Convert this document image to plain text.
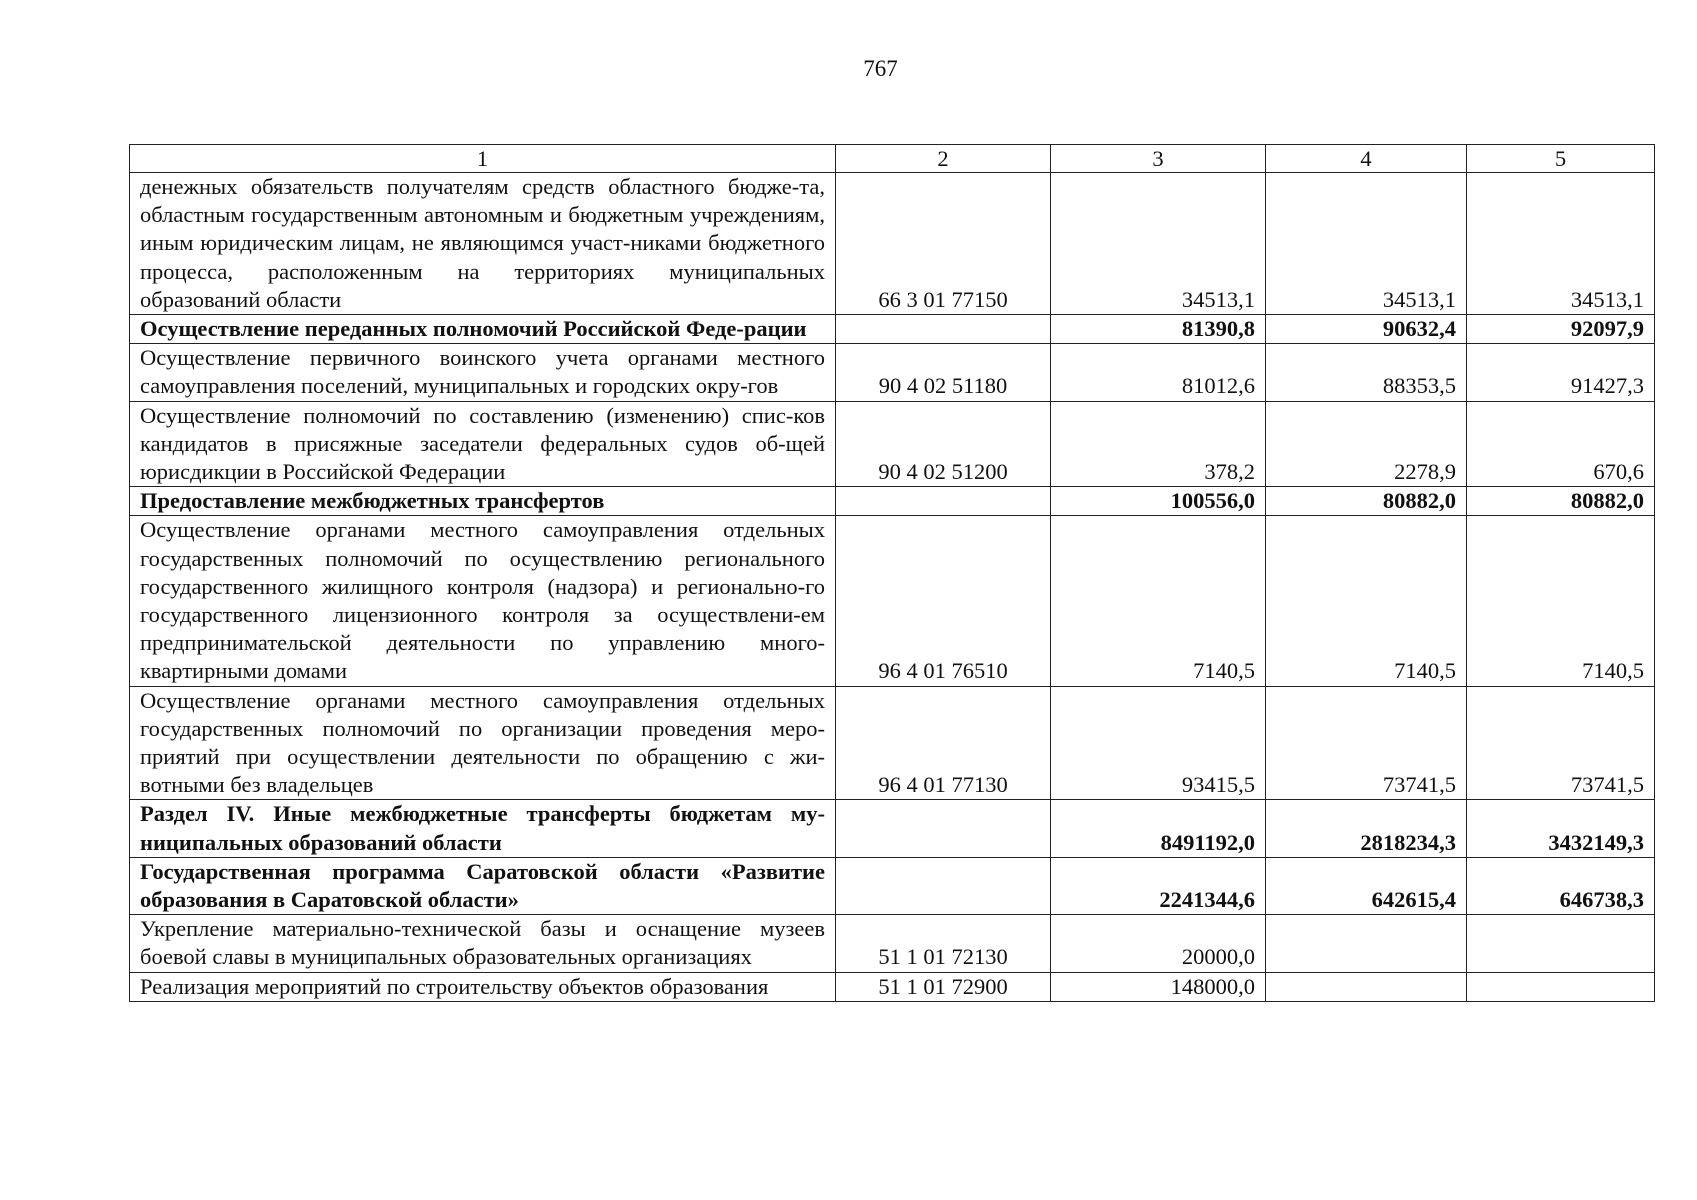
767
1	2	3	4	5
денежных обязательств получателям средств областного бюдже-та, областным государственным автономным и бюджетным учреждениям, иным юридическим лицам, не являющимся участ-никами бюджетного процесса, расположенным на территориях муниципальных образований области	66 3 01 77150	34513,1	34513,1	34513,1
Осуществление переданных полномочий Российской Феде-рации		81390,8	90632,4	92097,9
Осуществление первичного воинского учета органами местного самоуправления поселений, муниципальных и городских окру-гов	90 4 02 51180	81012,6	88353,5	91427,3
Осуществление полномочий по составлению (изменению) спис-ков кандидатов в присяжные заседатели федеральных судов об-щей юрисдикции в Российской Федерации	90 4 02 51200	378,2	2278,9	670,6
Предоставление межбюджетных трансфертов		100556,0	80882,0	80882,0
Осуществление органами местного самоуправления отдельных государственных полномочий по осуществлению регионального государственного жилищного контроля (надзора) и регионально-го государственного лицензионного контроля за осуществлени-ем предпринимательской деятельности по управлению много-квартирными домами	96 4 01 76510	7140,5	7140,5	7140,5
Осуществление органами местного самоуправления отдельных государственных полномочий по организации проведения меро-приятий при осуществлении деятельности по обращению с жи-вотными без владельцев	96 4 01 77130	93415,5	73741,5	73741,5
Раздел IV. Иные межбюджетные трансферты бюджетам му-ниципальных образований области		8491192,0	2818234,3	3432149,3
Государственная программа Саратовской области «Развитие образования в Саратовской области»		2241344,6	642615,4	646738,3
Укрепление материально-технической базы и оснащение музеев боевой славы в муниципальных образовательных организациях	51 1 01 72130	20000,0		
Реализация мероприятий по строительству объектов образования	51 1 01 72900	148000,0		
